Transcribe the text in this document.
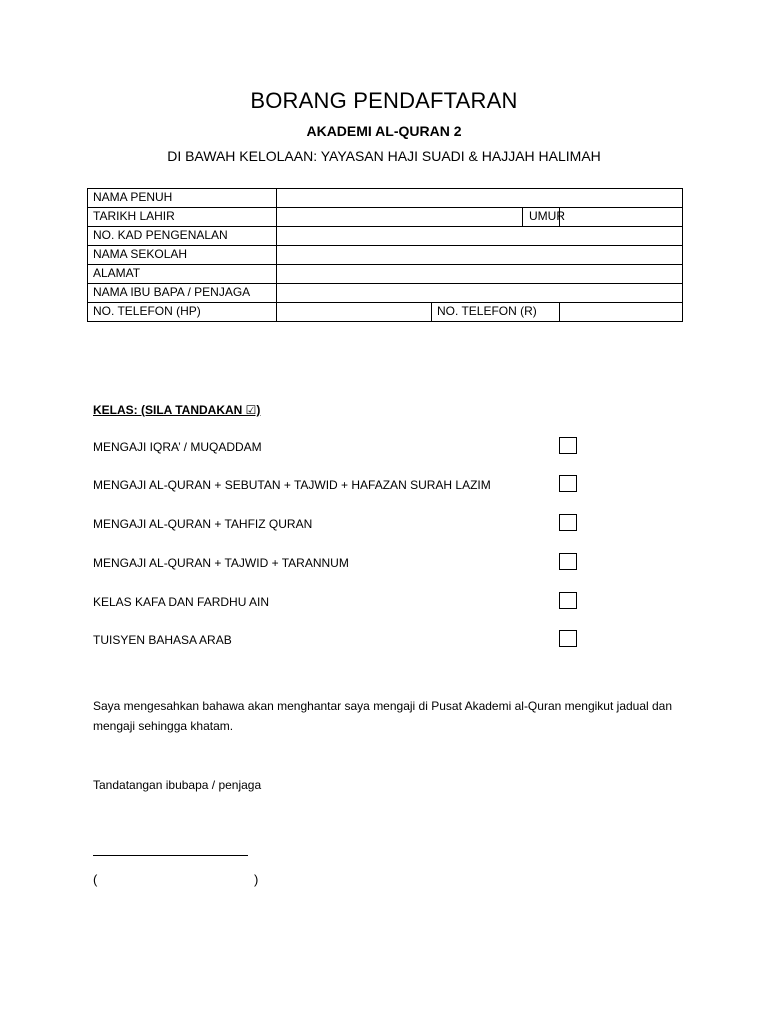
BORANG PENDAFTARAN
AKADEMI AL-QURAN 2
DI BAWAH KELOLAAN: YAYASAN HAJI SUADI & HAJJAH HALIMAH
NAMA PENUH				
TARIKH LAHIR			UMUR	
NO. KAD PENGENALAN				
NAMA SEKOLAH				
ALAMAT				
NAMA IBU BAPA / PENJAGA				
NO. TELEFON (HP)		NO. TELEFON (R)		
KELAS: (SILA TANDAKAN ☑)
MENGAJI IQRA’ / MUQADDAM
MENGAJI AL-QURAN + SEBUTAN + TAJWID + HAFAZAN SURAH LAZIM
MENGAJI AL-QURAN + TAHFIZ QURAN
MENGAJI AL-QURAN + TAJWID + TARANNUM
KELAS KAFA DAN FARDHU AIN
TUISYEN BAHASA ARAB
Saya mengesahkan bahawa akan menghantar saya mengaji di Pusat Akademi al-Quran mengikut jadual dan mengaji sehingga khatam.
Tandatangan ibubapa / penjaga
(	)
